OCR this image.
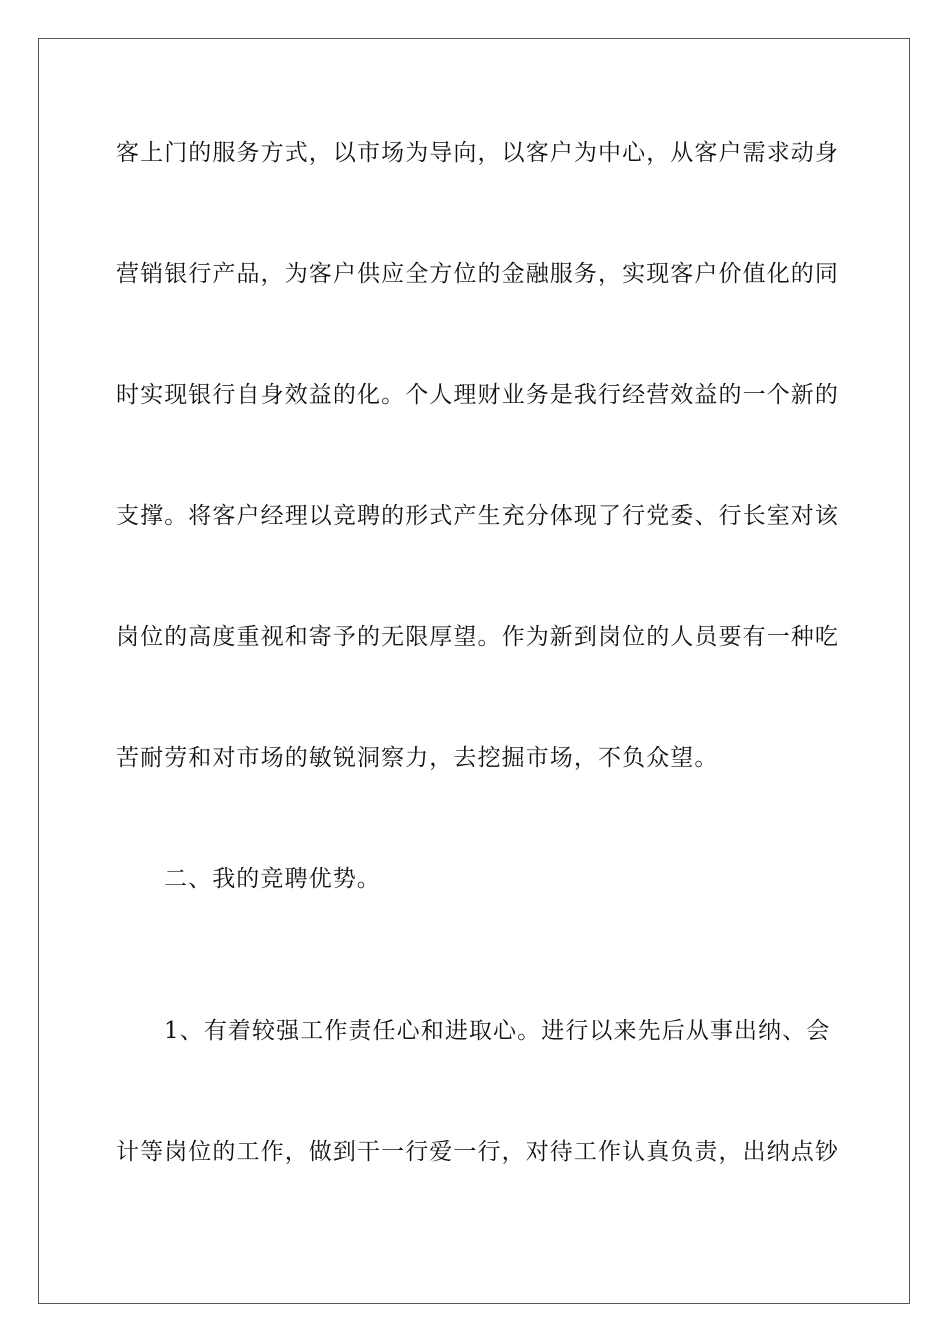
客上门的服务方式，以市场为导向，以客户为中心，从客户需求动身
营销银行产品，为客户供应全方位的金融服务，实现客户价值化的同
时实现银行自身效益的化。个人理财业务是我行经营效益的一个新的
支撑。将客户经理以竞聘的形式产生充分体现了行党委、行长室对该
岗位的高度重视和寄予的无限厚望。作为新到岗位的人员要有一种吃
苦耐劳和对市场的敏锐洞察力，去挖掘市场，不负众望。
二、我的竞聘优势。
1、有着较强工作责任心和进取心。进行以来先后从事出纳、会
计等岗位的工作，做到干一行爱一行，对待工作认真负责，出纳点钞
